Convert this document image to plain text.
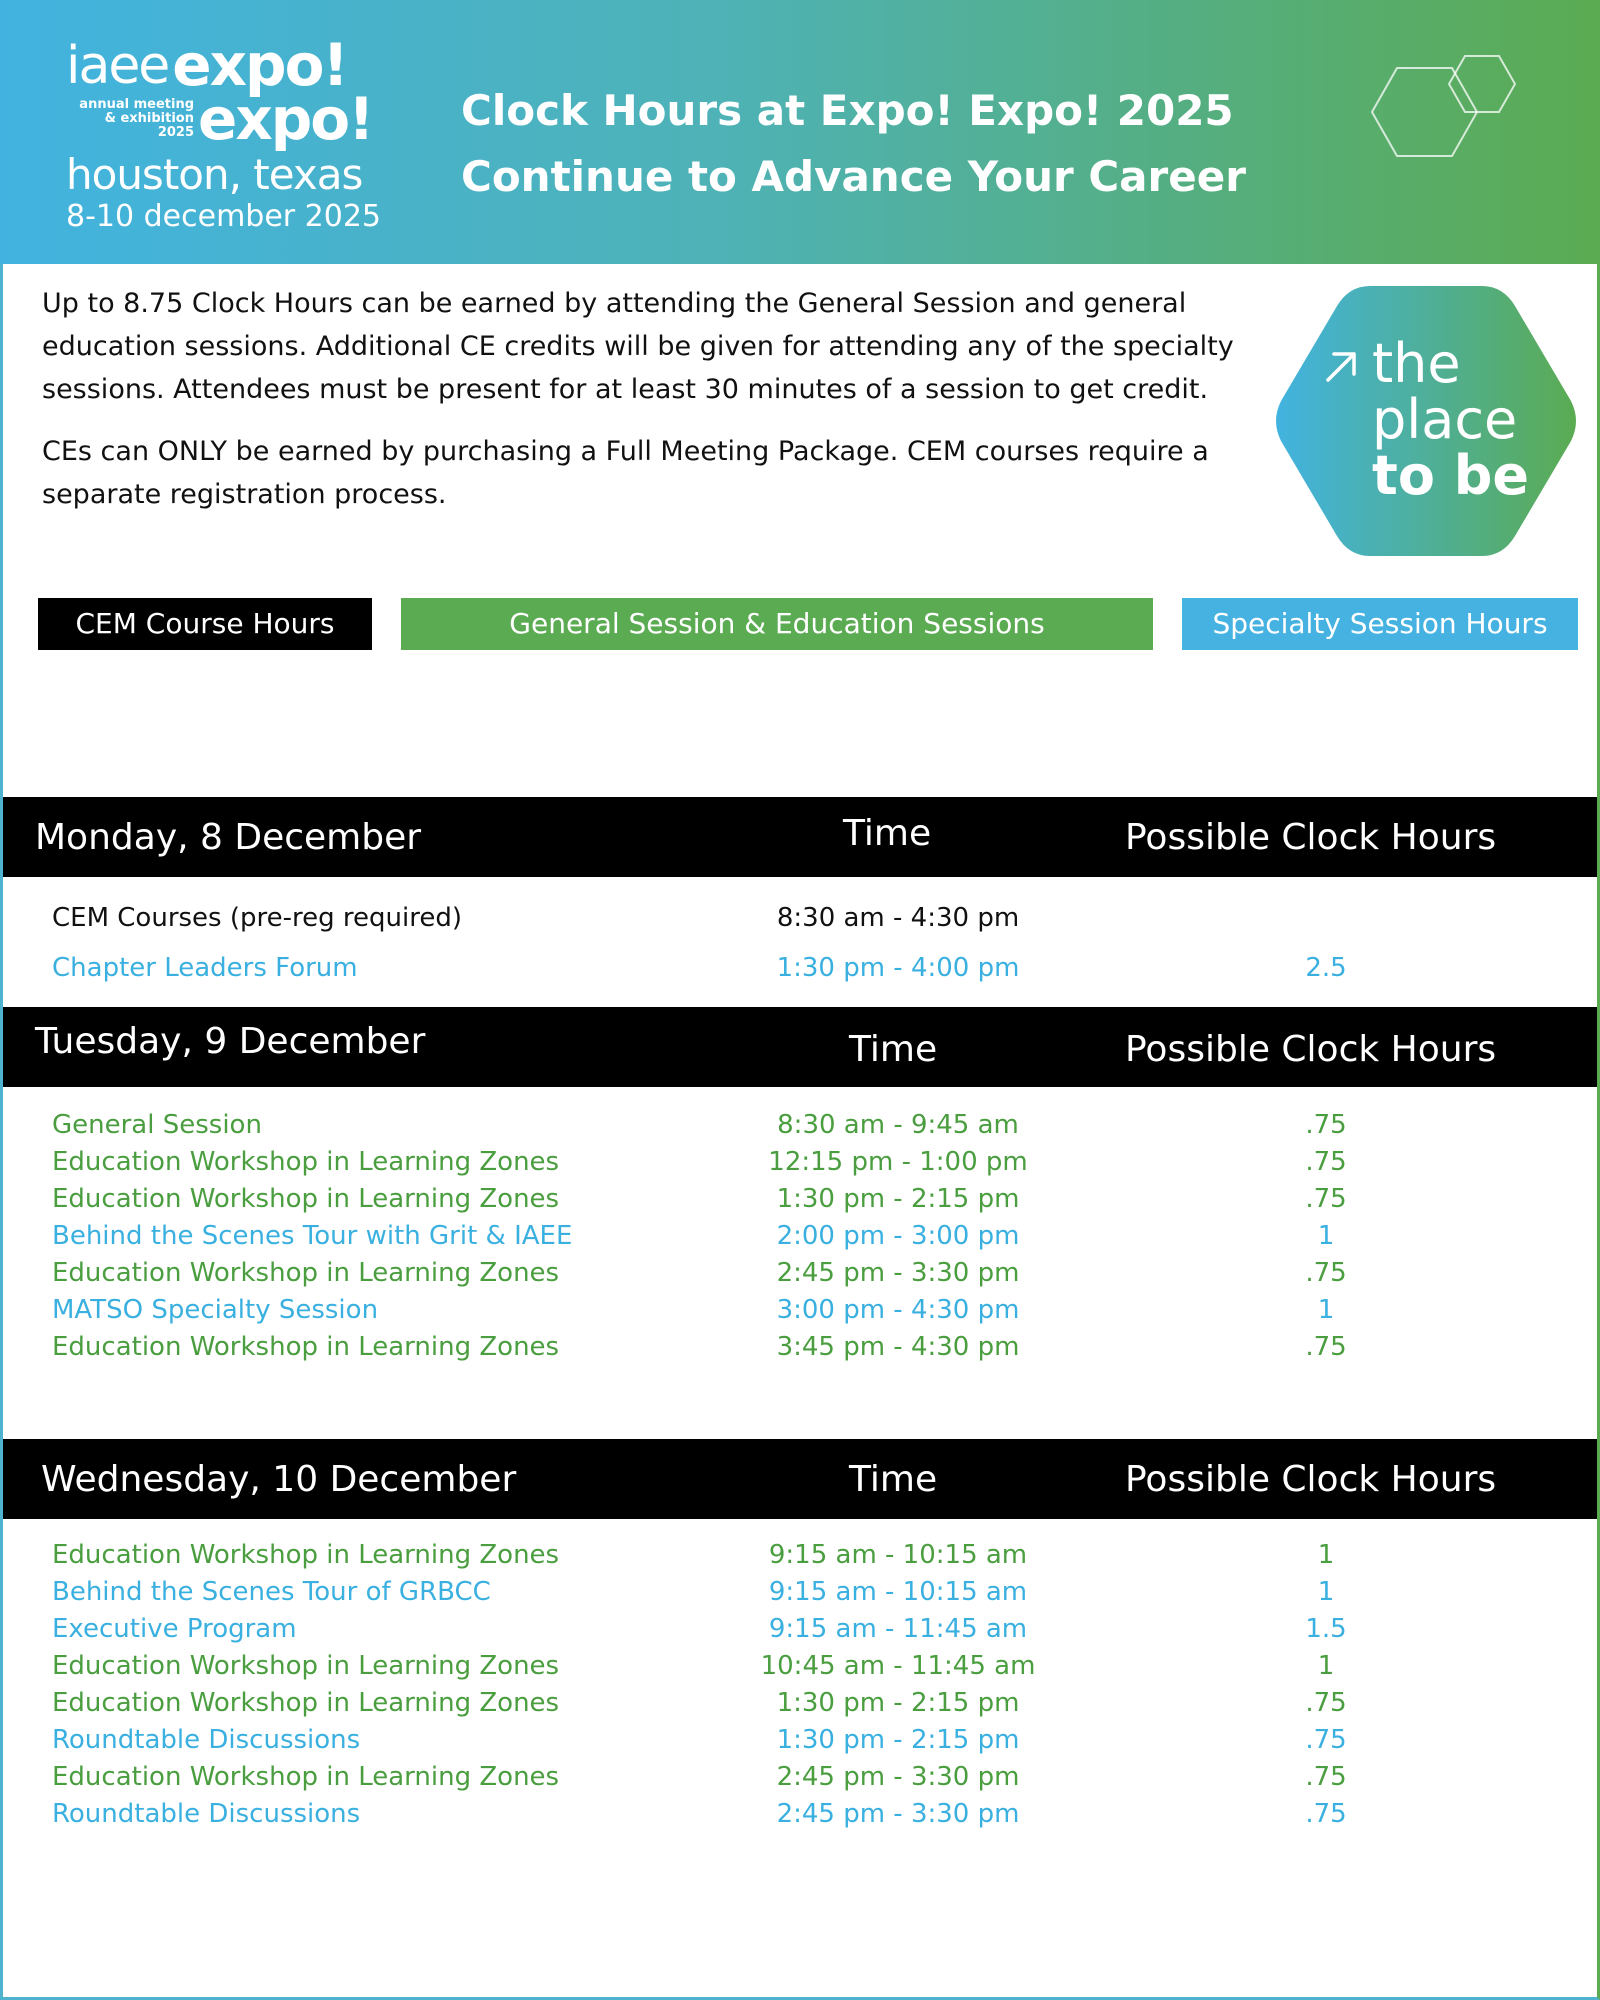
iaee expo!
annual meeting
& exhibition
2025 expo!
houston, texas
8-10 december 2025
Clock Hours at Expo! Expo! 2025
Continue to Advance Your Career

Up to 8.75 Clock Hours can be earned by attending the General Session and general education sessions. Additional CE credits will be given for attending any of the specialty sessions. Attendees must be present for at least 30 minutes of a session to get credit.

CEs can ONLY be earned by purchasing a Full Meeting Package. CEM courses require a separate registration process.

the
place
to be
CEM Course Hours	General Session & Education Sessions	Specialty Session Hours
Monday, 8 December	Time	Possible Clock Hours
CEM Courses (pre-reg required)	8:30 am - 4:30 pm
Chapter Leaders Forum	1:30 pm - 4:00 pm	2.5
Tuesday, 9 December	Time	Possible Clock Hours
General Session	8:30 am - 9:45 am	.75
Education Workshop in Learning Zones	12:15 pm - 1:00 pm	.75
Education Workshop in Learning Zones	1:30 pm - 2:15 pm	.75
Behind the Scenes Tour with Grit & IAEE	2:00 pm - 3:00 pm	1
Education Workshop in Learning Zones	2:45 pm - 3:30 pm	.75
MATSO Specialty Session	3:00 pm - 4:30 pm	1
Education Workshop in Learning Zones	3:45 pm - 4:30 pm	.75
Wednesday, 10 December	Time	Possible Clock Hours
Education Workshop in Learning Zones	9:15 am - 10:15 am	1
Behind the Scenes Tour of GRBCC	9:15 am - 10:15 am	1
Executive Program	9:15 am - 11:45 am	1.5
Education Workshop in Learning Zones	10:45 am - 11:45 am	1
Education Workshop in Learning Zones	1:30 pm - 2:15 pm	.75
Roundtable Discussions	1:30 pm - 2:15 pm	.75
Education Workshop in Learning Zones	2:45 pm - 3:30 pm	.75
Roundtable Discussions	2:45 pm - 3:30 pm	.75
